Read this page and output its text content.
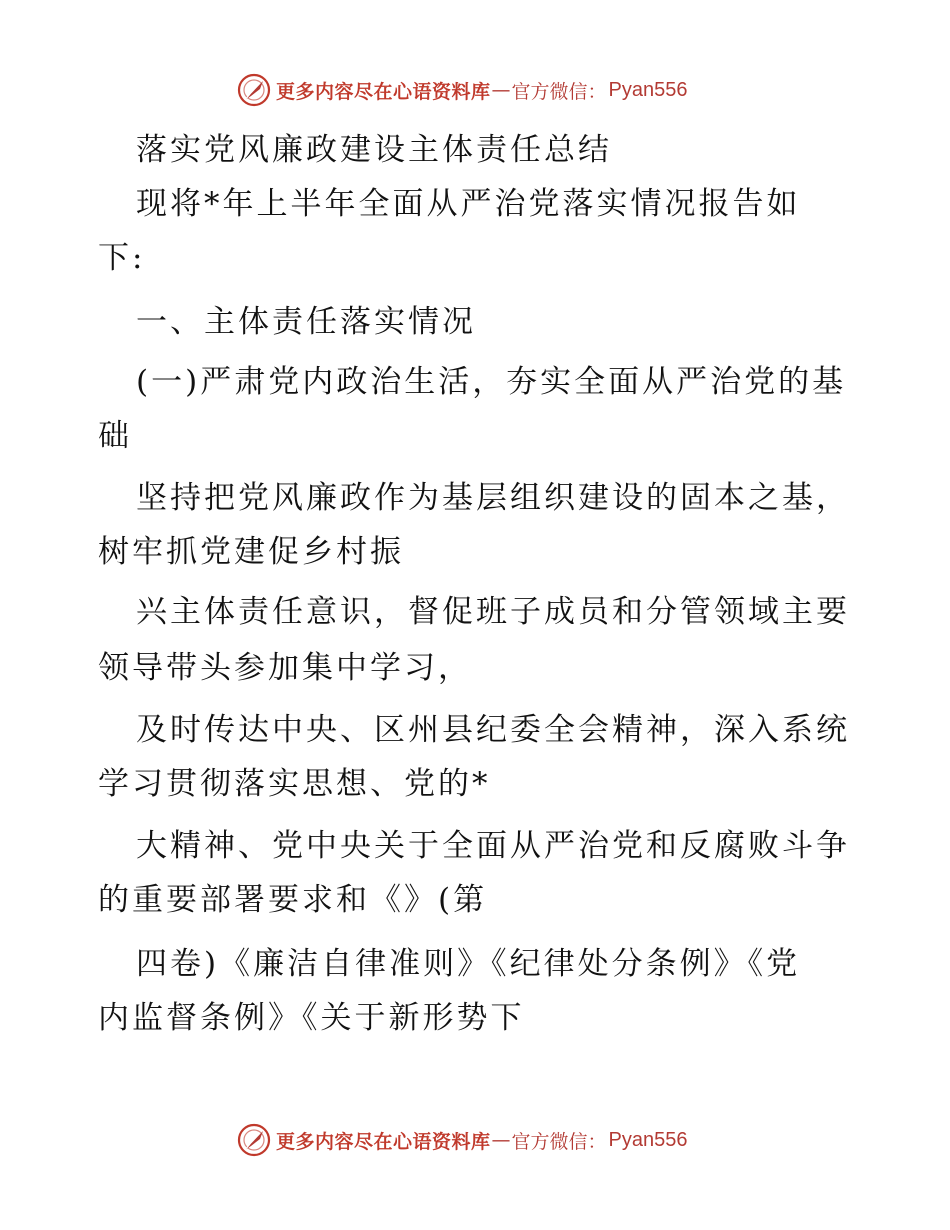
更多内容尽在心语资料库 — 官方微信： Pyan556
落实党风廉政建设主体责任总结
现将*年上半年全面从严治党落实情况报告如
下:
一、主体责任落实情况
(一)严肃党内政治生活，夯实全面从严治党的基
础
坚持把党风廉政作为基层组织建设的固本之基，
树牢抓党建促乡村振
兴主体责任意识，督促班子成员和分管领域主要
领导带头参加集中学习，
及时传达中央、区州县纪委全会精神，深入系统
学习贯彻落实思想、党的*
大精神、党中央关于全面从严治党和反腐败斗争
的重要部署要求和《》(第
四卷)《廉洁自律准则》《纪律处分条例》《党
内监督条例》《关于新形势下
更多内容尽在心语资料库 — 官方微信： Pyan556
